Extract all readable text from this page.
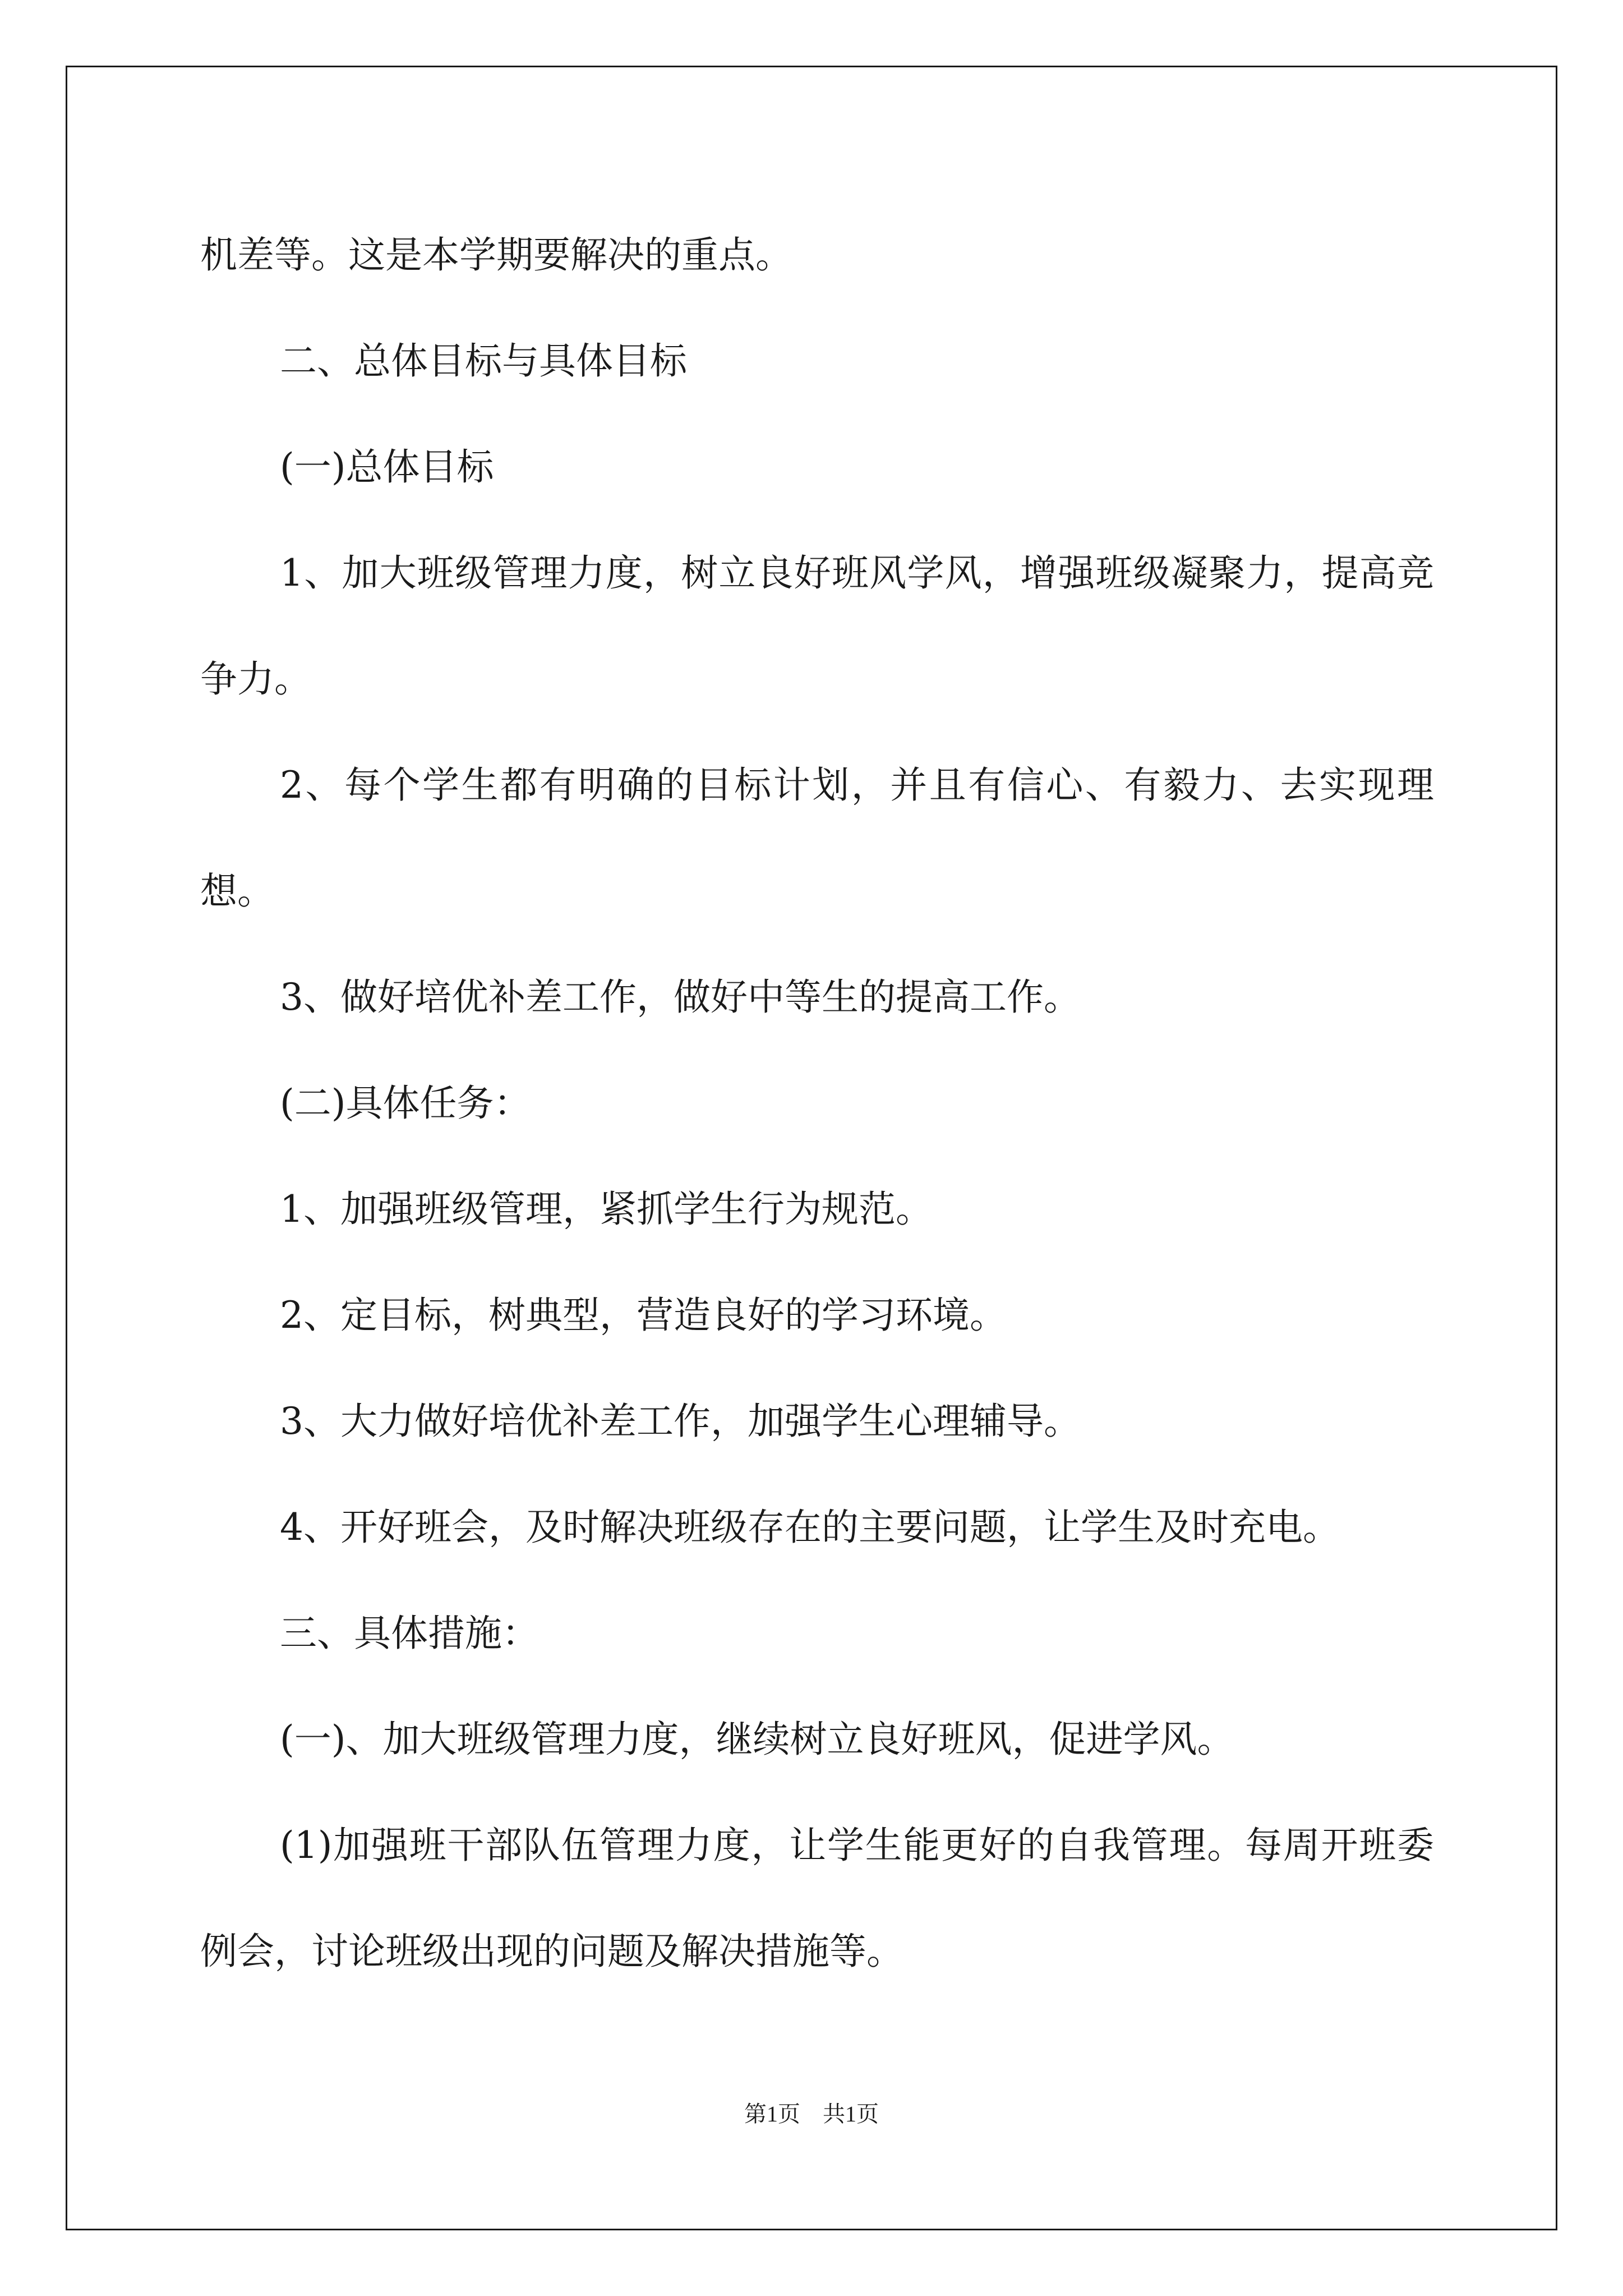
机差等。这是本学期要解决的重点。

二、总体目标与具体目标

(一)总体目标

1、加大班级管理力度，树立良好班风学风，增强班级凝聚力，提高竞争力。

2、每个学生都有明确的目标计划，并且有信心、有毅力、去实现理想。

3、做好培优补差工作，做好中等生的提高工作。

(二)具体任务：

1、加强班级管理，紧抓学生行为规范。

2、定目标，树典型，营造良好的学习环境。

3、大力做好培优补差工作，加强学生心理辅导。

4、开好班会，及时解决班级存在的主要问题，让学生及时充电。

三、具体措施：

(一)、加大班级管理力度，继续树立良好班风，促进学风。

(1)加强班干部队伍管理力度，让学生能更好的自我管理。每周开班委例会，讨论班级出现的问题及解决措施等。

第1页　共1页
